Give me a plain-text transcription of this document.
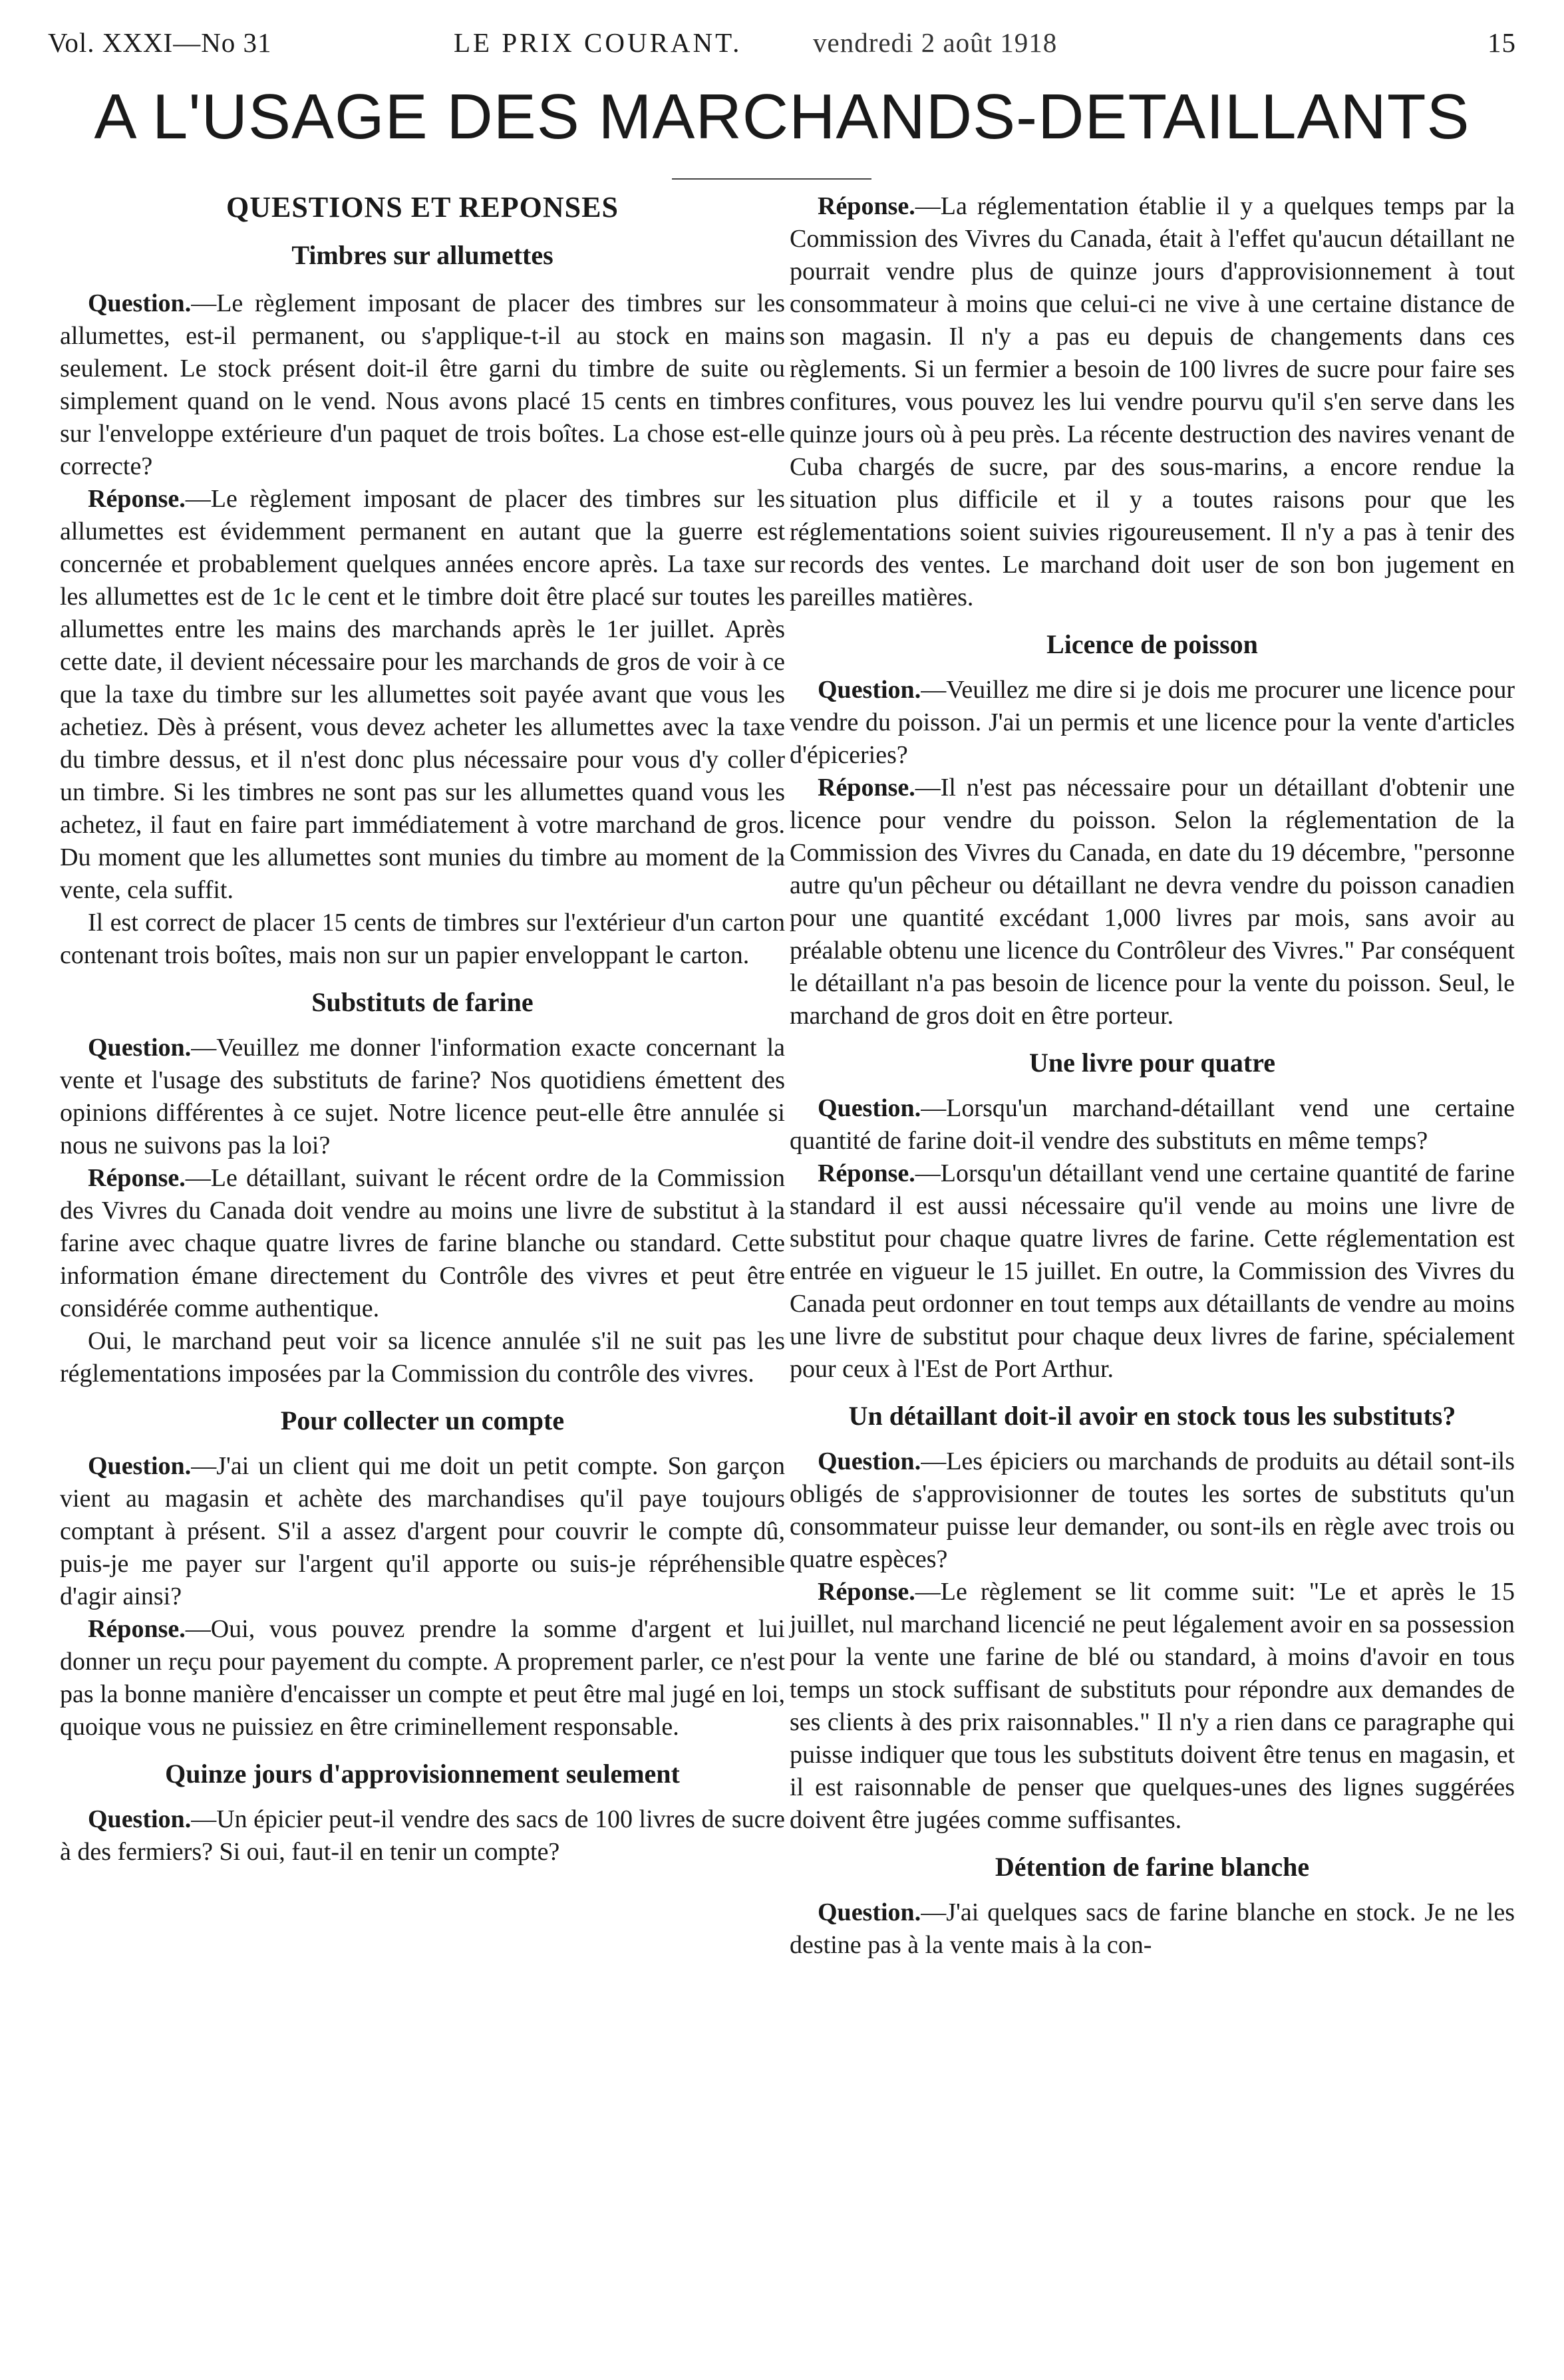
Vol. XXXI—No 31	LE PRIX COURANT.	vendredi 2 août 1918	15
A L'USAGE DES MARCHANDS-DETAILLANTS
QUESTIONS ET REPONSES
Timbres sur allumettes

Question.—Le règlement imposant de placer des timbres sur les allumettes, est-il permanent, ou s'applique-t-il au stock en mains seulement. Le stock présent doit-il être garni du timbre de suite ou simplement quand on le vend. Nous avons placé 15 cents en timbres sur l'enveloppe extérieure d'un paquet de trois boîtes. La chose est-elle correcte?

Réponse.—Le règlement imposant de placer des timbres sur les allumettes est évidemment permanent en autant que la guerre est concernée et probablement quelques années encore après. La taxe sur les allumettes est de 1c le cent et le timbre doit être placé sur toutes les allumettes entre les mains des marchands après le 1er juillet. Après cette date, il devient nécessaire pour les marchands de gros de voir à ce que la taxe du timbre sur les allumettes soit payée avant que vous les achetiez. Dès à présent, vous devez acheter les allumettes avec la taxe du timbre dessus, et il n'est donc plus nécessaire pour vous d'y coller un timbre. Si les timbres ne sont pas sur les allumettes quand vous les achetez, il faut en faire part immédiatement à votre marchand de gros. Du moment que les allumettes sont munies du timbre au moment de la vente, cela suffit.

Il est correct de placer 15 cents de timbres sur l'extérieur d'un carton contenant trois boîtes, mais non sur un papier enveloppant le carton.

Substituts de farine

Question.—Veuillez me donner l'information exacte concernant la vente et l'usage des substituts de farine? Nos quotidiens émettent des opinions différentes à ce sujet. Notre licence peut-elle être annulée si nous ne suivons pas la loi?

Réponse.—Le détaillant, suivant le récent ordre de la Commission des Vivres du Canada doit vendre au moins une livre de substitut à la farine avec chaque quatre livres de farine blanche ou standard. Cette information émane directement du Contrôle des vivres et peut être considérée comme authentique.

Oui, le marchand peut voir sa licence annulée s'il ne suit pas les réglementations imposées par la Commission du contrôle des vivres.

Pour collecter un compte

Question.—J'ai un client qui me doit un petit compte. Son garçon vient au magasin et achète des marchandises qu'il paye toujours comptant à présent. S'il a assez d'argent pour couvrir le compte dû, puis-je me payer sur l'argent qu'il apporte ou suis-je répréhensible d'agir ainsi?

Réponse.—Oui, vous pouvez prendre la somme d'argent et lui donner un reçu pour payement du compte. A proprement parler, ce n'est pas la bonne manière d'encaisser un compte et peut être mal jugé en loi, quoique vous ne puissiez en être criminellement responsable.

Quinze jours d'approvisionnement seulement

Question.—Un épicier peut-il vendre des sacs de 100 livres de sucre à des fermiers? Si oui, faut-il en tenir un compte?

Réponse.—La réglementation établie il y a quelques temps par la Commission des Vivres du Canada, était à l'effet qu'aucun détaillant ne pourrait vendre plus de quinze jours d'approvisionnement à tout consommateur à moins que celui-ci ne vive à une certaine distance de son magasin. Il n'y a pas eu depuis de changements dans ces règlements. Si un fermier a besoin de 100 livres de sucre pour faire ses confitures, vous pouvez les lui vendre pourvu qu'il s'en serve dans les quinze jours où à peu près. La récente destruction des navires venant de Cuba chargés de sucre, par des sous-marins, a encore rendue la situation plus difficile et il y a toutes raisons pour que les réglementations soient suivies rigoureusement. Il n'y a pas à tenir des records des ventes. Le marchand doit user de son bon jugement en pareilles matières.

Licence de poisson

Question.—Veuillez me dire si je dois me procurer une licence pour vendre du poisson. J'ai un permis et une licence pour la vente d'articles d'épiceries?

Réponse.—Il n'est pas nécessaire pour un détaillant d'obtenir une licence pour vendre du poisson. Selon la réglementation de la Commission des Vivres du Canada, en date du 19 décembre, "personne autre qu'un pêcheur ou détaillant ne devra vendre du poisson canadien pour une quantité excédant 1,000 livres par mois, sans avoir au préalable obtenu une licence du Contrôleur des Vivres." Par conséquent le détaillant n'a pas besoin de licence pour la vente du poisson. Seul, le marchand de gros doit en être porteur.

Une livre pour quatre

Question.—Lorsqu'un marchand-détaillant vend une certaine quantité de farine doit-il vendre des substituts en même temps?

Réponse.—Lorsqu'un détaillant vend une certaine quantité de farine standard il est aussi nécessaire qu'il vende au moins une livre de substitut pour chaque quatre livres de farine. Cette réglementation est entrée en vigueur le 15 juillet. En outre, la Commission des Vivres du Canada peut ordonner en tout temps aux détaillants de vendre au moins une livre de substitut pour chaque deux livres de farine, spécialement pour ceux à l'Est de Port Arthur.

Un détaillant doit-il avoir en stock tous les substituts?

Question.—Les épiciers ou marchands de produits au détail sont-ils obligés de s'approvisionner de toutes les sortes de substituts qu'un consommateur puisse leur demander, ou sont-ils en règle avec trois ou quatre espèces?

Réponse.—Le règlement se lit comme suit: "Le et après le 15 juillet, nul marchand licencié ne peut légalement avoir en sa possession pour la vente une farine de blé ou standard, à moins d'avoir en tous temps un stock suffisant de substituts pour répondre aux demandes de ses clients à des prix raisonnables." Il n'y a rien dans ce paragraphe qui puisse indiquer que tous les substituts doivent être tenus en magasin, et il est raisonnable de penser que quelques-unes des lignes suggérées doivent être jugées comme suffisantes.

Détention de farine blanche

Question.—J'ai quelques sacs de farine blanche en stock. Je ne les destine pas à la vente mais à la con-
